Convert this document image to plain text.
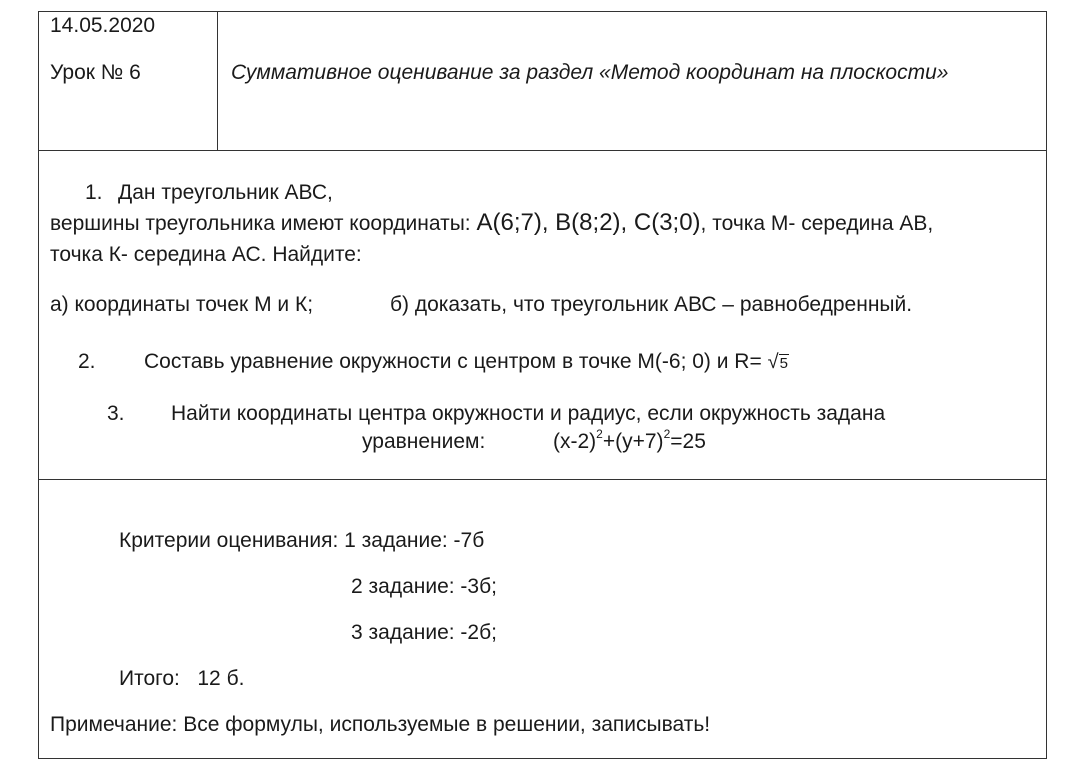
14.05.2020
Урок № 6	Суммативное оценивание за раздел «Метод координат на плоскости»
1. Дан треугольник АВС,
вершины треугольника имеют координаты: А(6;7), В(8;2), С(3;0), точка М- середина АВ,
точка К- середина АС. Найдите:
а) координаты точек М и К;	б) доказать, что треугольник АВС – равнобедренный.
2. Составь уравнение окружности с центром в точке М(-6; 0) и R= √5
3. Найти координаты центра окружности и радиус, если окружность задана
уравнением:	$(x-2)^2+(y+7)^2=25$
Критерии оценивания: 1 задание: -7б
2 задание: -3б;
3 задание: -2б;
Итого:   12 б.
Примечание: Все формулы, используемые в решении, записывать!
